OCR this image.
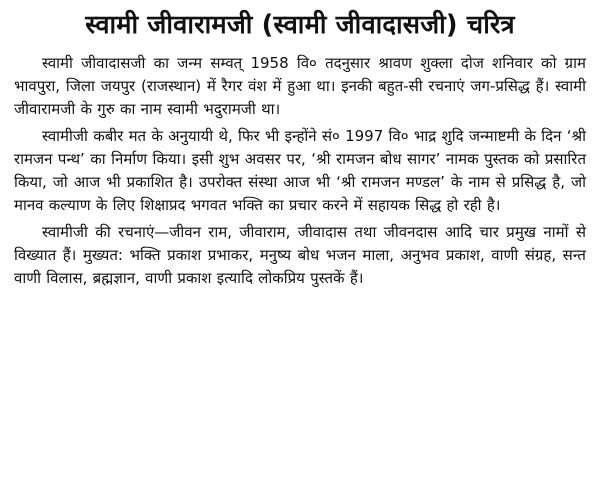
स्वामी जीवारामजी (स्वामी जीवादासजी) चरित्र

स्वामी जीवादासजी का जन्म सम्वत् 1958 वि० तदनुसार श्रावण शुक्ला दोज शनिवार को ग्राम भावपुरा, जिला जयपुर (राजस्थान) में रैगर वंश में हुआ था। इनकी बहुत-सी रचनाएं जग-प्रसिद्ध हैं। स्वामी जीवारामजी के गुरु का नाम स्वामी भदुरामजी था।

स्वामीजी कबीर मत के अनुयायी थे, फिर भी इन्होंने सं० 1997 वि० भाद्र शुदि जन्माष्टमी के दिन ‘श्री रामजन पन्थ’ का निर्माण किया। इसी शुभ अवसर पर, ‘श्री रामजन बोध सागर’ नामक पुस्तक को प्रसारित किया, जो आज भी प्रकाशित है। उपरोक्त संस्था आज भी ‘श्री रामजन मण्डल’ के नाम से प्रसिद्ध है, जो मानव कल्याण के लिए शिक्षाप्रद भगवत भक्ति का प्रचार करने में सहायक सिद्ध हो रही है।

स्वामीजी की रचनाएं—जीवन राम, जीवाराम, जीवादास तथा जीवनदास आदि चार प्रमुख नामों से विख्यात हैं। मुख्यत: भक्ति प्रकाश प्रभाकर, मनुष्य बोध भजन माला, अनुभव प्रकाश, वाणी संग्रह, सन्त वाणी विलास, ब्रह्मज्ञान, वाणी प्रकाश इत्यादि लोकप्रिय पुस्तकें हैं।
